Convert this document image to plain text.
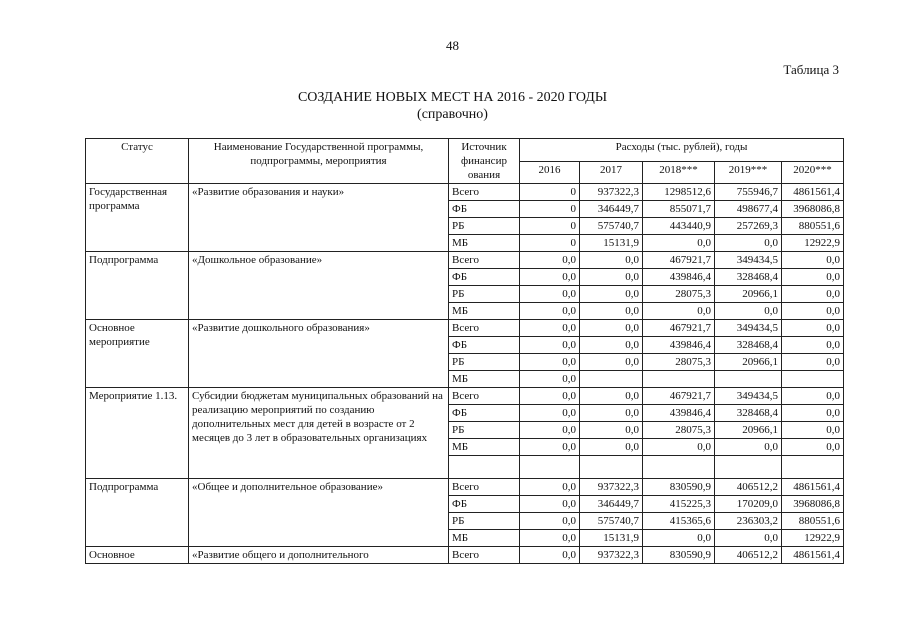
48
Таблица 3
СОЗДАНИЕ НОВЫХ МЕСТ НА 2016 - 2020 ГОДЫ
(справочно)
Статус	Наименование Государственной программы, подпрограммы, мероприятия	Источник финансир ования	Расходы (тыс. рублей), годы				
			2016	2017	2018***	2019***	2020***
Государственная программа	«Развитие образования и науки»	Всего	0	937322,3	1298512,6	755946,7	4861561,4
		ФБ	0	346449,7	855071,7	498677,4	3968086,8
		РБ	0	575740,7	443440,9	257269,3	880551,6
		МБ	0	15131,9	0,0	0,0	12922,9
Подпрограмма	«Дошкольное образование»	Всего	0,0	0,0	467921,7	349434,5	0,0
		ФБ	0,0	0,0	439846,4	328468,4	0,0
		РБ	0,0	0,0	28075,3	20966,1	0,0
		МБ	0,0	0,0	0,0	0,0	0,0
Основное мероприятие	«Развитие дошкольного образования»	Всего	0,0	0,0	467921,7	349434,5	0,0
		ФБ	0,0	0,0	439846,4	328468,4	0,0
		РБ	0,0	0,0	28075,3	20966,1	0,0
		МБ	0,0				
Мероприятие 1.13.	Субсидии бюджетам муниципальных образований на реализацию мероприятий по созданию дополнительных мест для детей в возрасте от 2 месяцев до 3 лет в образовательных организациях	Всего	0,0	0,0	467921,7	349434,5	0,0
		ФБ	0,0	0,0	439846,4	328468,4	0,0
		РБ	0,0	0,0	28075,3	20966,1	0,0
		МБ	0,0	0,0	0,0	0,0	0,0

Подпрограмма	«Общее и дополнительное образование»	Всего	0,0	937322,3	830590,9	406512,2	4861561,4
		ФБ	0,0	346449,7	415225,3	170209,0	3968086,8
		РБ	0,0	575740,7	415365,6	236303,2	880551,6
		МБ	0,0	15131,9	0,0	0,0	12922,9
Основное	«Развитие общего и дополнительного	Всего	0,0	937322,3	830590,9	406512,2	4861561,4
